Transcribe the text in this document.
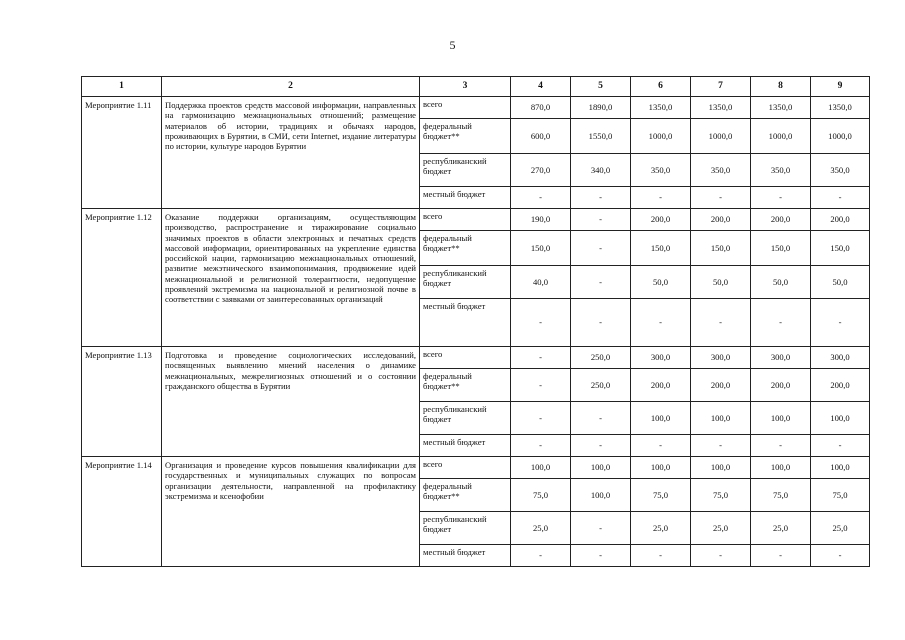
5
1	2	3	4	5	6	7	8	9
Мероприятие 1.11	Поддержка проектов средств массовой информации, направленных на гармонизацию межнациональных отношений; размещение материалов об истории, традициях и обычаях народов, проживающих в Бурятии, в СМИ, сети Internet, издание литературы по истории, культуре народов Бурятии	всего	870,0	1890,0	1350,0	1350,0	1350,0	1350,0
		федеральный бюджет**	600,0	1550,0	1000,0	1000,0	1000,0	1000,0
		республиканский бюджет	270,0	340,0	350,0	350,0	350,0	350,0
		местный бюджет	-	-	-	-	-	-
Мероприятие 1.12	Оказание поддержки организациям, осуществляющим производство, распространение и тиражирование социально значимых проектов в области электронных и печатных средств массовой информации, ориентированных на укрепление единства российской нации, гармонизацию межнациональных отношений, развитие межэтнического взаимопонимания, продвижение идей межнациональной и религиозной толерантности, недопущение проявлений экстремизма на национальной и религиозной почве в соответствии с заявками от заинтересованных организаций	всего	190,0	-	200,0	200,0	200,0	200,0
		федеральный бюджет**	150,0	-	150,0	150,0	150,0	150,0
		республиканский бюджет	40,0	-	50,0	50,0	50,0	50,0
		местный бюджет	-	-	-	-	-	-
Мероприятие 1.13	Подготовка и проведение социологических исследований, посвященных выявлению мнений населения о динамике межнациональных, межрелигиозных отношений и о состоянии гражданского общества в Бурятии	всего	-	250,0	300,0	300,0	300,0	300,0
		федеральный бюджет**	-	250,0	200,0	200,0	200,0	200,0
		республиканский бюджет	-	-	100,0	100,0	100,0	100,0
		местный бюджет	-	-	-	-	-	-
Мероприятие 1.14	Организация и проведение курсов повышения квалификации для государственных и муниципальных служащих по вопросам организации деятельности, направленной на профилактику экстремизма и ксенофобии	всего	100,0	100,0	100,0	100,0	100,0	100,0
		федеральный бюджет**	75,0	100,0	75,0	75,0	75,0	75,0
		республиканский бюджет	25,0	-	25,0	25,0	25,0	25,0
		местный бюджет	-	-	-	-	-	-
